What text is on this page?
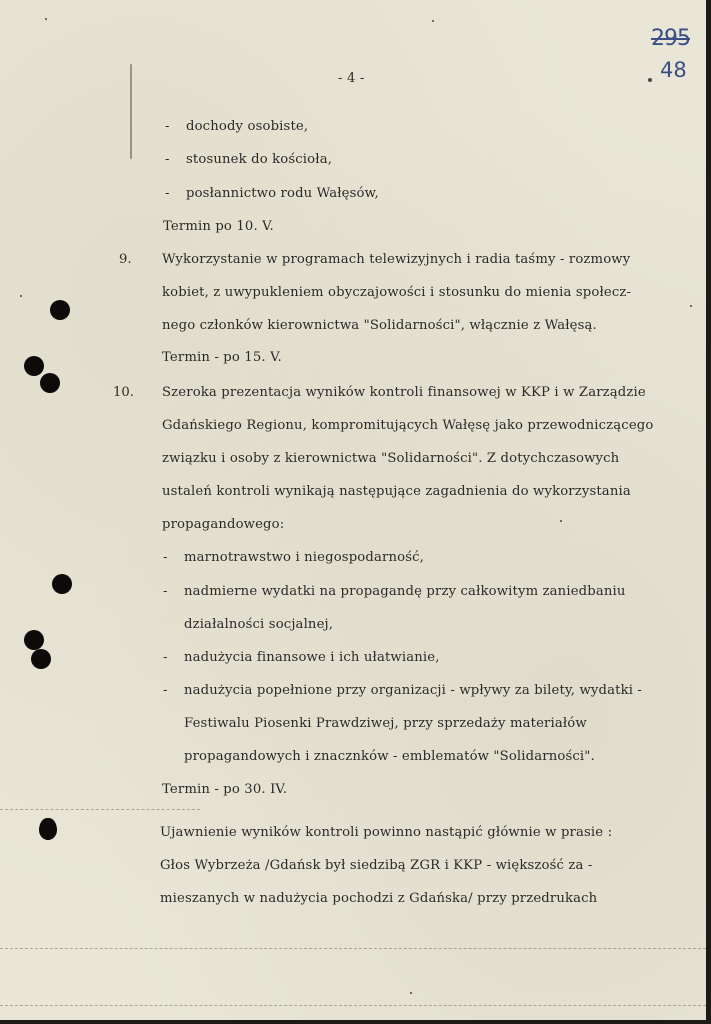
295
48
- 4 -
- dochody osobiste,
- stosunek do kościoła,
- posłannictwo rodu Wałęsów,
Termin po 10. V.
9. Wykorzystanie w programach telewizyjnych i radia taśmy - rozmowy
kobiet, z uwypukleniem obyczajowości i stosunku do mienia społecz-
nego członków kierownictwa "Solidarności", włącznie z Wałęsą.
Termin - po 15. V.
10. Szeroka prezentacja wyników kontroli finansowej w KKP i w Zarządzie
Gdańskiego Regionu, kompromitujących Wałęsę jako przewodniczącego
związku i osoby z kierownictwa "Solidarności". Z dotychczasowych
ustaleń kontroli wynikają następujące zagadnienia do wykorzystania
propagandowego:
- marnotrawstwo i niegospodarność,
- nadmierne wydatki na propagandę przy całkowitym zaniedbaniu
działalności socjalnej,
- nadużycia finansowe i ich ułatwianie,
- nadużycia popełnione przy organizacji - wpływy za bilety, wydatki -
Festiwalu Piosenki Prawdziwej, przy sprzedaży materiałów
propagandowych i znacznków - emblematów "Solidarności".
Termin - po 30. IV.
Ujawnienie wyników kontroli powinno nastąpić głównie w prasie :
Głos Wybrzeża /Gdańsk był siedzibą ZGR i KKP - większość za -
mieszanych w nadużycia pochodzi z Gdańska/ przy przedrukach
